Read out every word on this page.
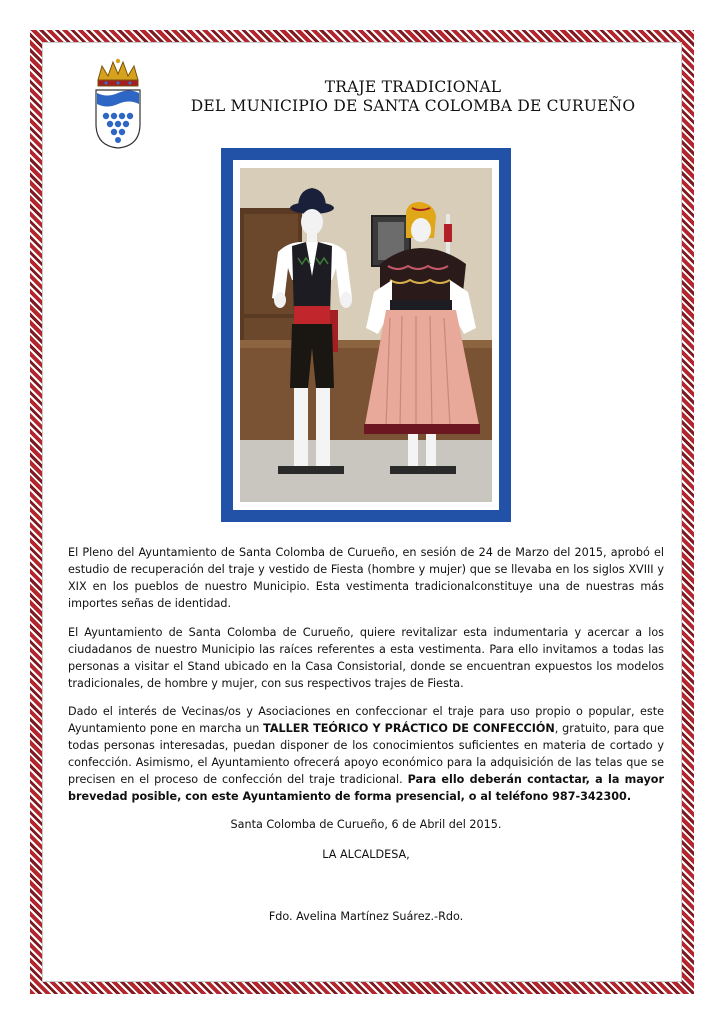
TRAJE TRADICIONAL
DEL MUNICIPIO DE SANTA COLOMBA DE CURUEÑO
El Pleno del Ayuntamiento de Santa Colomba de Curueño, en sesión de 24 de Marzo del 2015, aprobó el estudio de recuperación del traje y vestido de Fiesta (hombre y mujer) que se llevaba en los siglos XVIII y XIX en los pueblos de nuestro Municipio. Esta vestimenta tradicionalconstituye una de nuestras más importes señas de identidad.
El Ayuntamiento de Santa Colomba de Curueño, quiere revitalizar esta indumentaria y acercar a los ciudadanos de nuestro Municipio las raíces referentes a esta vestimenta. Para ello invitamos a todas las personas a visitar el Stand ubicado en la Casa Consistorial, donde se encuentran expuestos los modelos tradicionales, de hombre y mujer, con sus respectivos trajes de Fiesta.
Dado el interés de Vecinas/os y Asociaciones en confeccionar el traje para uso propio o popular, este Ayuntamiento pone en marcha un TALLER TEÓRICO Y PRÁCTICO DE CONFECCIÓN, gratuito, para que todas personas interesadas, puedan disponer de los conocimientos suficientes en materia de cortado y confección. Asimismo, el Ayuntamiento ofrecerá apoyo económico para la adquisición de las telas que se precisen en el proceso de confección del traje tradicional. Para ello deberán contactar, a la mayor brevedad posible, con este Ayuntamiento de forma presencial, o al teléfono 987-342300.
Santa Colomba de Curueño, 6 de Abril del 2015.
LA ALCALDESA,
Fdo. Avelina Martínez Suárez.-Rdo.
